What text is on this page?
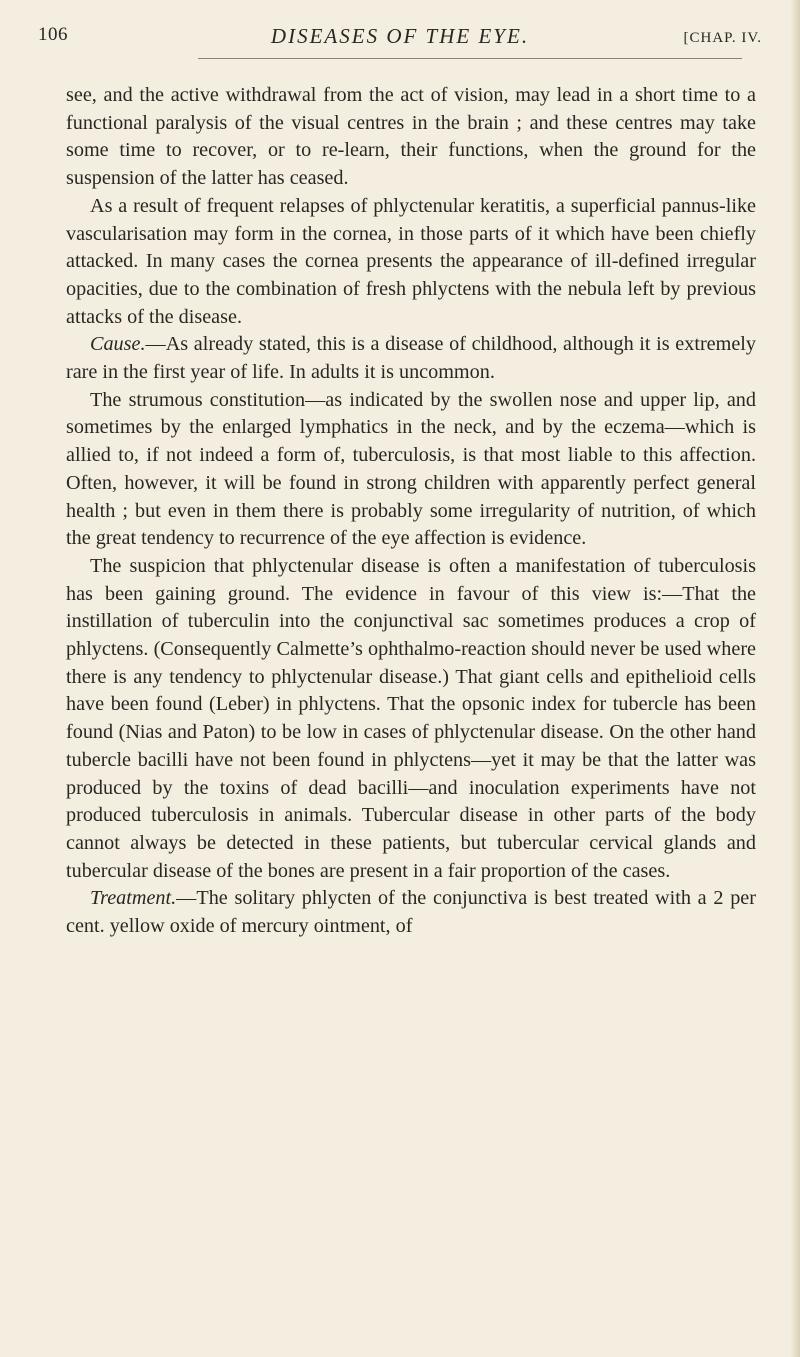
106	DISEASES OF THE EYE.	[CHAP. IV.

see, and the active withdrawal from the act of vision, may lead in a short time to a functional paralysis of the visual centres in the brain ; and these centres may take some time to recover, or to re-learn, their functions, when the ground for the suspension of the latter has ceased.

As a result of frequent relapses of phlyctenular keratitis, a superficial pannus-like vascularisation may form in the cornea, in those parts of it which have been chiefly attacked. In many cases the cornea presents the appearance of ill-defined irregular opacities, due to the combination of fresh phlyctens with the nebula left by previous attacks of the disease.

Cause.—As already stated, this is a disease of childhood, although it is extremely rare in the first year of life. In adults it is uncommon.

The strumous constitution—as indicated by the swollen nose and upper lip, and sometimes by the enlarged lymphatics in the neck, and by the eczema—which is allied to, if not indeed a form of, tuberculosis, is that most liable to this affection. Often, however, it will be found in strong children with apparently perfect general health ; but even in them there is probably some irregularity of nutrition, of which the great tendency to recurrence of the eye affection is evidence.

The suspicion that phlyctenular disease is often a manifestation of tuberculosis has been gaining ground. The evidence in favour of this view is:—That the instillation of tuberculin into the conjunctival sac sometimes produces a crop of phlyctens. (Consequently Calmette’s ophthalmo-reaction should never be used where there is any tendency to phlyctenular disease.) That giant cells and epithelioid cells have been found (Leber) in phlyctens. That the opsonic index for tubercle has been found (Nias and Paton) to be low in cases of phlyctenular disease. On the other hand tubercle bacilli have not been found in phlyctens—yet it may be that the latter was produced by the toxins of dead bacilli—and inoculation experiments have not produced tuberculosis in animals. Tubercular disease in other parts of the body cannot always be detected in these patients, but tubercular cervical glands and tubercular disease of the bones are present in a fair proportion of the cases.

Treatment.—The solitary phlycten of the conjunctiva is best treated with a 2 per cent. yellow oxide of mercury ointment, of
